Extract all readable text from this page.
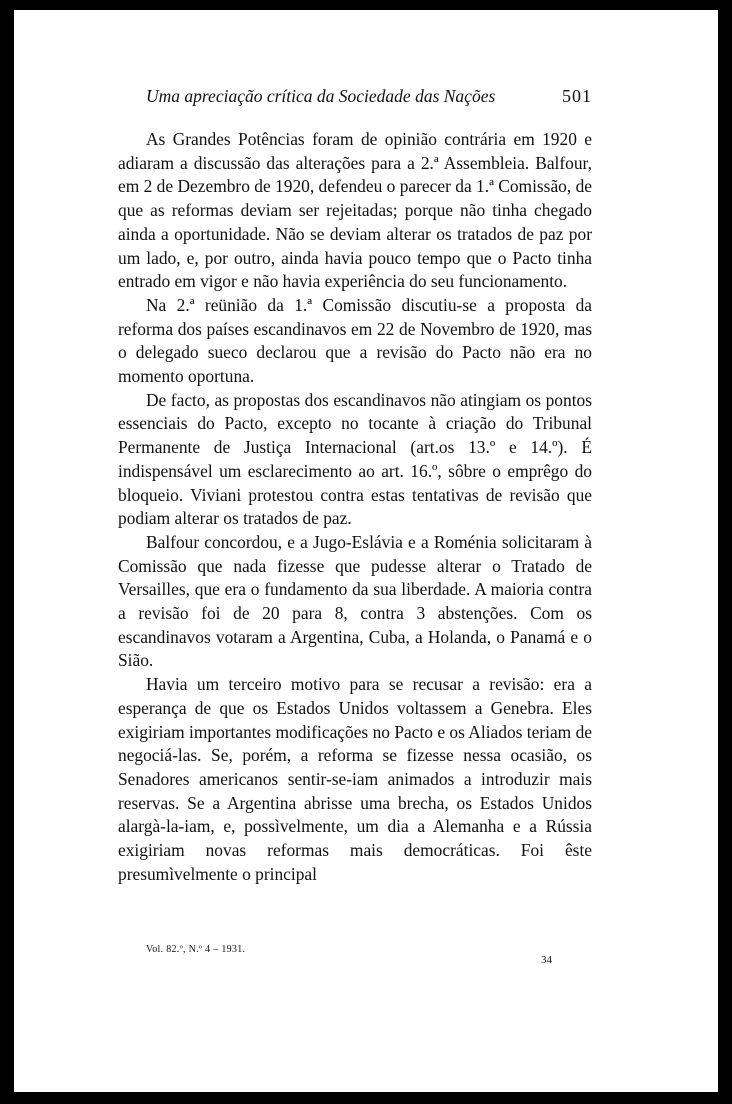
Uma apreciação crítica da Sociedade das Nações	501

As Grandes Potências foram de opinião contrária em 1920 e adiaram a discussão das alterações para a 2.ª Assembleia. Balfour, em 2 de Dezembro de 1920, defendeu o parecer da 1.ª Comissão, de que as reformas deviam ser rejeitadas; porque não tinha chegado ainda a oportunidade. Não se deviam alterar os tratados de paz por um lado, e, por outro, ainda havia pouco tempo que o Pacto tinha entrado em vigor e não havia experiência do seu funcionamento.

Na 2.ª reünião da 1.ª Comissão discutiu-se a proposta da reforma dos países escandinavos em 22 de Novembro de 1920, mas o delegado sueco declarou que a revisão do Pacto não era no momento oportuna.

De facto, as propostas dos escandinavos não atingiam os pontos essenciais do Pacto, excepto no tocante à criação do Tribunal Permanente de Justiça Internacional (art.os 13.º e 14.º). É indispensável um esclarecimento ao art. 16.º, sôbre o emprêgo do bloqueio. Viviani protestou contra estas tentativas de revisão que podiam alterar os tratados de paz.

Balfour concordou, e a Jugo-Eslávia e a Roménia solicitaram à Comissão que nada fizesse que pudesse alterar o Tratado de Versailles, que era o fundamento da sua liberdade. A maioria contra a revisão foi de 20 para 8, contra 3 abstenções. Com os escandinavos votaram a Argentina, Cuba, a Holanda, o Panamá e o Sião.

Havia um terceiro motivo para se recusar a revisão: era a esperança de que os Estados Unidos voltassem a Genebra. Eles exigiriam importantes modificações no Pacto e os Aliados teriam de negociá-las. Se, porém, a reforma se fizesse nessa ocasião, os Senadores americanos sentir-se-iam animados a introduzir mais reservas. Se a Argentina abrisse uma brecha, os Estados Unidos alargà-la-iam, e, possìvelmente, um dia a Alemanha e a Rússia exigiriam novas reformas mais democráticas. Foi êste presumìvelmente o principal

Vol. 82.º, N.º 4 – 1931.
34
